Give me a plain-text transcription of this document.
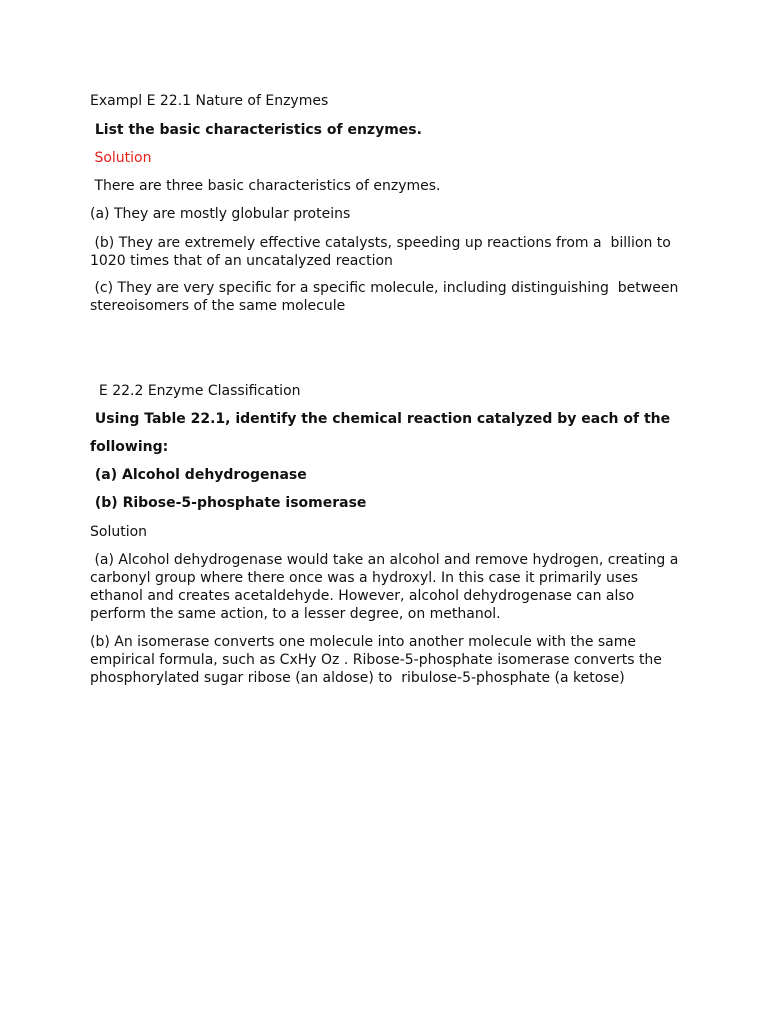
Exampl E 22.1 Nature of Enzymes
List the basic characteristics of enzymes.
Solution
There are three basic characteristics of enzymes.
(a) They are mostly globular proteins
(b) They are extremely effective catalysts, speeding up reactions from a  billion to 1020 times that of an uncatalyzed reaction
(c) They are very specific for a specific molecule, including distinguishing  between stereoisomers of the same molecule
E 22.2 Enzyme Classification
Using Table 22.1, identify the chemical reaction catalyzed by each of the
following:
(a) Alcohol dehydrogenase
(b) Ribose-5-phosphate isomerase
Solution
(a) Alcohol dehydrogenase would take an alcohol and remove hydrogen, creating a carbonyl group where there once was a hydroxyl. In this case it primarily uses ethanol and creates acetaldehyde. However, alcohol dehydrogenase can also perform the same action, to a lesser degree, on methanol.
(b) An isomerase converts one molecule into another molecule with the same empirical formula, such as CxHy Oz . Ribose-5-phosphate isomerase converts the phosphorylated sugar ribose (an aldose) to  ribulose-5-phosphate (a ketose)
